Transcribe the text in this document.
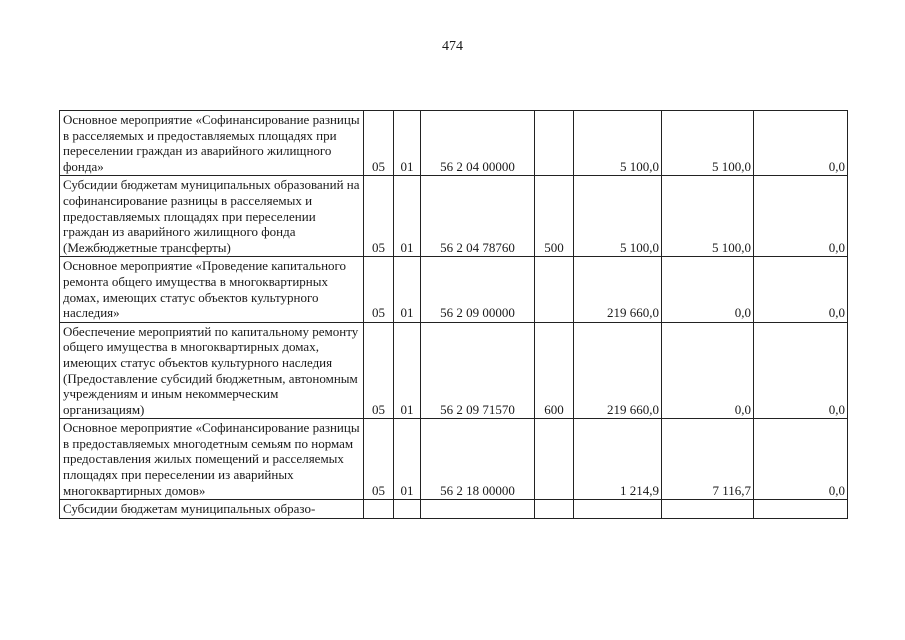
474
Основное мероприятие «Софинансирование разницы в расселяемых и предоставляемых площадях при переселении граждан из аварийного жилищного фонда»	05	01	56 2 04 00000		5 100,0	5 100,0	0,0
Субсидии бюджетам муниципальных образований на софинансирование разницы в расселяемых и предоставляемых площадях при переселении граждан из аварийного жилищного фонда (Межбюджетные трансферты)	05	01	56 2 04 78760	500	5 100,0	5 100,0	0,0
Основное мероприятие «Проведение капитального ремонта общего имущества в многоквартирных домах, имеющих статус объектов культурного наследия»	05	01	56 2 09 00000		219 660,0	0,0	0,0
Обеспечение мероприятий по капитальному ремонту общего имущества в многоквартирных домах, имеющих статус объектов культурного наследия (Предоставление субсидий бюджетным, автономным учреждениям и иным некоммерческим организациям)	05	01	56 2 09 71570	600	219 660,0	0,0	0,0
Основное мероприятие «Софинансирование разницы в предоставляемых многодетным семьям по нормам предоставления жилых помещений и расселяемых площадях при переселении из аварийных многоквартирных домов»	05	01	56 2 18 00000		1 214,9	7 116,7	0,0
Субсидии бюджетам муниципальных образо-							
